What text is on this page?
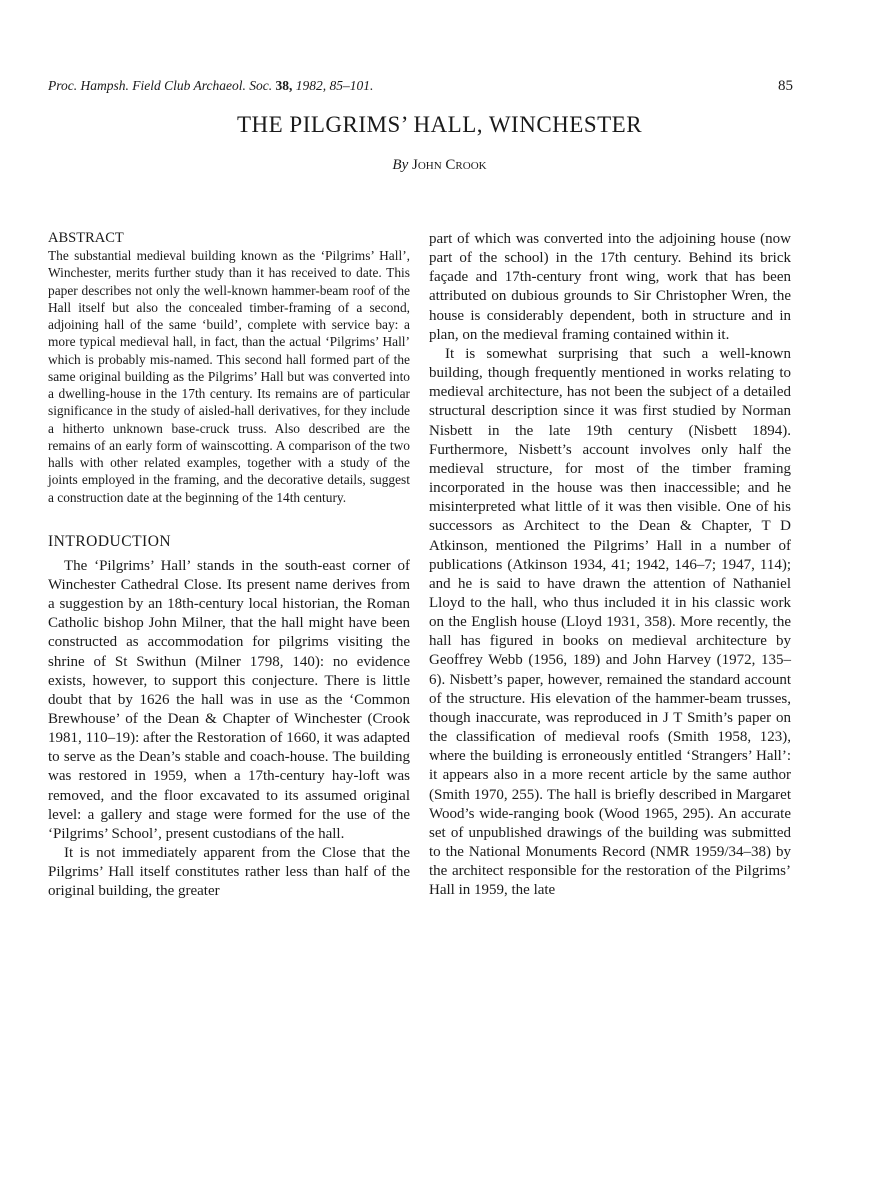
Proc. Hampsh. Field Club Archaeol. Soc. 38, 1982, 85–101.	85
THE PILGRIMS’ HALL, WINCHESTER
By John Crook
ABSTRACT

The substantial medieval building known as the ‘Pilgrims’ Hall’, Winchester, merits further study than it has received to date. This paper describes not only the well-known hammer-beam roof of the Hall itself but also the concealed timber-framing of a second, adjoining hall of the same ‘build’, complete with service bay: a more typical medieval hall, in fact, than the actual ‘Pilgrims’ Hall’ which is probably mis-named. This second hall formed part of the same original building as the Pilgrims’ Hall but was converted into a dwelling-house in the 17th century. Its remains are of particular significance in the study of aisled-hall derivatives, for they include a hitherto unknown base-cruck truss. Also described are the remains of an early form of wainscotting. A comparison of the two halls with other related examples, together with a study of the joints employed in the framing, and the decorative details, suggest a construction date at the beginning of the 14th century.

INTRODUCTION

The ‘Pilgrims’ Hall’ stands in the south-east corner of Winchester Cathedral Close. Its present name derives from a suggestion by an 18th-century local historian, the Roman Catholic bishop John Milner, that the hall might have been constructed as accommodation for pilgrims visiting the shrine of St Swithun (Milner 1798, 140): no evidence exists, however, to support this conjecture. There is little doubt that by 1626 the hall was in use as the ‘Common Brewhouse’ of the Dean & Chapter of Winchester (Crook 1981, 110–19): after the Restoration of 1660, it was adapted to serve as the Dean’s stable and coach-house. The building was restored in 1959, when a 17th-century hay-loft was removed, and the floor excavated to its assumed original level: a gallery and stage were formed for the use of the ‘Pilgrims’ School’, present custodians of the hall.

It is not immediately apparent from the Close that the Pilgrims’ Hall itself constitutes rather less than half of the original building, the greater

part of which was converted into the adjoining house (now part of the school) in the 17th century. Behind its brick façade and 17th-century front wing, work that has been attributed on dubious grounds to Sir Christopher Wren, the house is considerably dependent, both in structure and in plan, on the medieval framing contained within it.

It is somewhat surprising that such a well-known building, though frequently mentioned in works relating to medieval architecture, has not been the subject of a detailed structural description since it was first studied by Norman Nisbett in the late 19th century (Nisbett 1894). Furthermore, Nisbett’s account involves only half the medieval structure, for most of the timber framing incorporated in the house was then inaccessible; and he misinterpreted what little of it was then visible. One of his successors as Architect to the Dean & Chapter, T D Atkinson, mentioned the Pilgrims’ Hall in a number of publications (Atkinson 1934, 41; 1942, 146–7; 1947, 114); and he is said to have drawn the attention of Nathaniel Lloyd to the hall, who thus included it in his classic work on the English house (Lloyd 1931, 358). More recently, the hall has figured in books on medieval architecture by Geoffrey Webb (1956, 189) and John Harvey (1972, 135–6). Nisbett’s paper, however, remained the standard account of the structure. His elevation of the hammer-beam trusses, though inaccurate, was reproduced in J T Smith’s paper on the classification of medieval roofs (Smith 1958, 123), where the building is erroneously entitled ‘Strangers’ Hall’: it appears also in a more recent article by the same author (Smith 1970, 255). The hall is briefly described in Margaret Wood’s wide-ranging book (Wood 1965, 295). An accurate set of unpublished drawings of the building was submitted to the National Monuments Record (NMR 1959/34–38) by the architect responsible for the restoration of the Pilgrims’ Hall in 1959, the late
